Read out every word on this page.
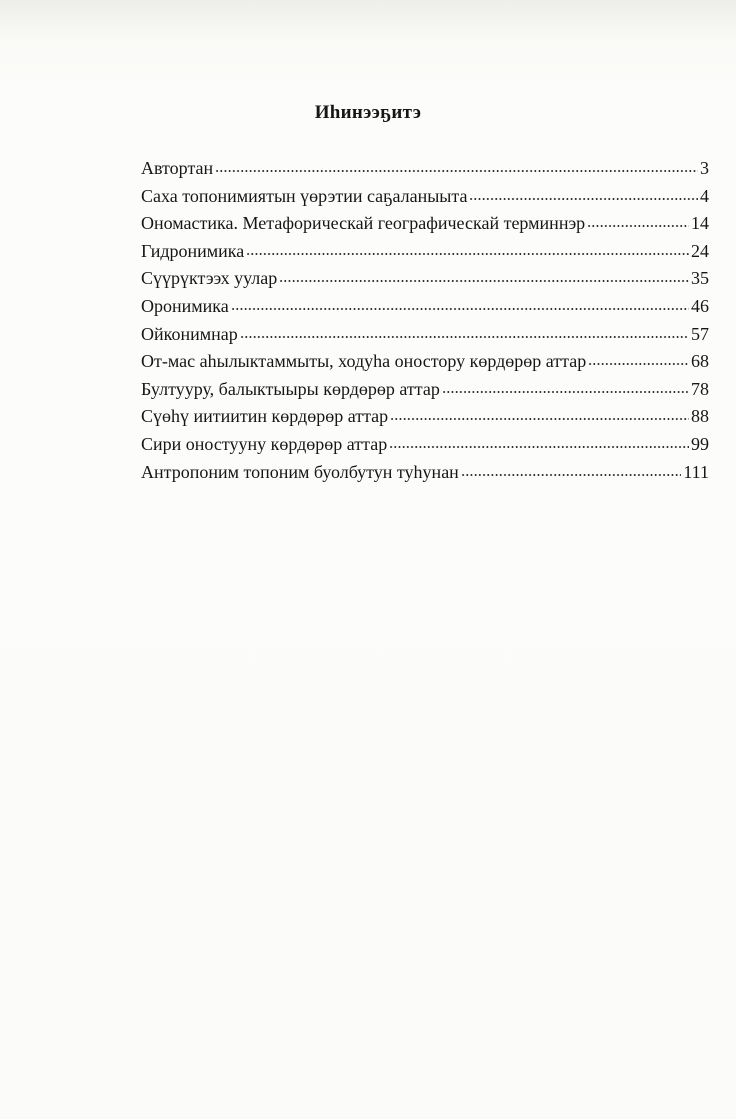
Иһинээҕитэ
Автортан	3
Саха топонимиятын үөрэтии саҕаланыыта	4
Ономастика. Метафорическай географическай терминнэр	14
Гидронимика	24
Сүүрүктээх уулар	35
Оронимика	46
Ойконимнар	57
От-мас аһылыктаммыты, ходуһа оностору көрдөрөр аттар	68
Бултууру, балыктыыры көрдөрөр аттар	78
Сүөһү иитиитин көрдөрөр аттар	88
Сири оностууну көрдөрөр аттар	99
Антропоним топоним буолбутун туһунан	111
